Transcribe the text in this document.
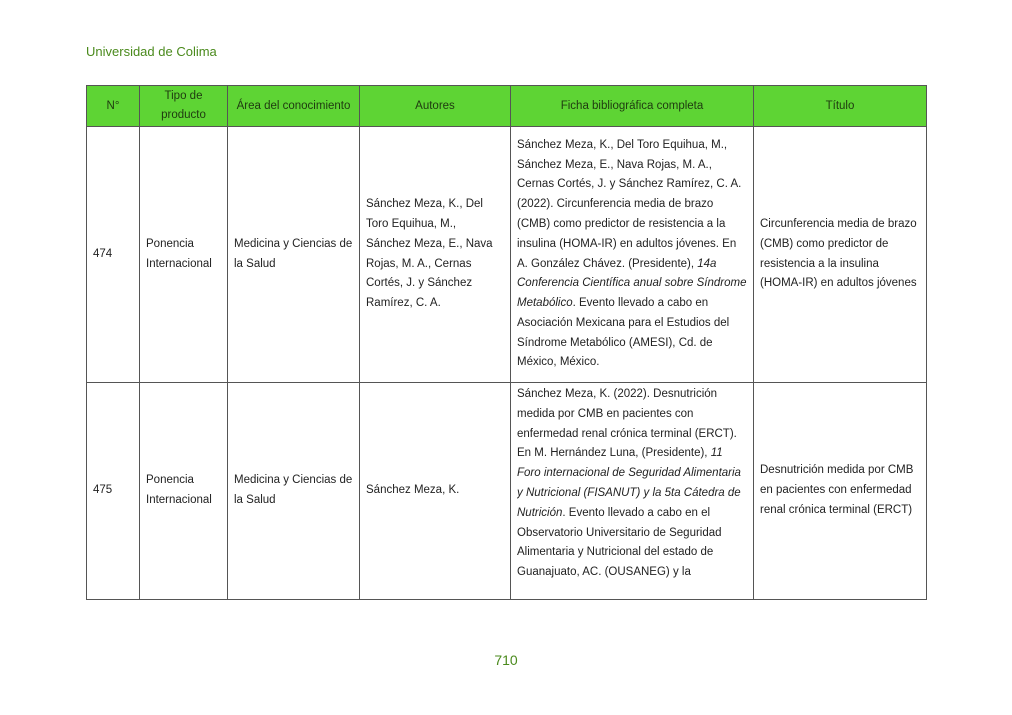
Universidad de Colima
N°	Tipo de producto	Área del conocimiento	Autores	Ficha bibliográfica completa	Título
474	Ponencia Internacional	Medicina y Ciencias de la Salud	Sánchez Meza, K., Del Toro Equihua, M., Sánchez Meza, E., Nava Rojas, M. A., Cernas Cortés, J. y Sánchez Ramírez, C. A.	Sánchez Meza, K., Del Toro Equihua, M., Sánchez Meza, E., Nava Rojas, M. A., Cernas Cortés, J. y Sánchez Ramírez, C. A. (2022). Circunferencia media de brazo (CMB) como predictor de resistencia a la insulina (HOMA-IR) en adultos jóvenes. En A. González Chávez. (Presidente), 14a Conferencia Científica anual sobre Síndrome Metabólico. Evento llevado a cabo en Asociación Mexicana para el Estudios del Síndrome Metabólico (AMESI), Cd. de México, México.	Circunferencia media de brazo (CMB) como predictor de resistencia a la insulina (HOMA-IR) en adultos jóvenes
475	Ponencia Internacional	Medicina y Ciencias de la Salud	Sánchez Meza, K.	Sánchez Meza, K. (2022). Desnutrición medida por CMB en pacientes con enfermedad renal crónica terminal (ERCT). En M. Hernández Luna, (Presidente), 11 Foro internacional de Seguridad Alimentaria y Nutricional (FISANUT) y la 5ta Cátedra de Nutrición. Evento llevado a cabo en el Observatorio Universitario de Seguridad Alimentaria y Nutricional del estado de Guanajuato, AC. (OUSANEG) y la	Desnutrición medida por CMB en pacientes con enfermedad renal crónica terminal (ERCT)
710
